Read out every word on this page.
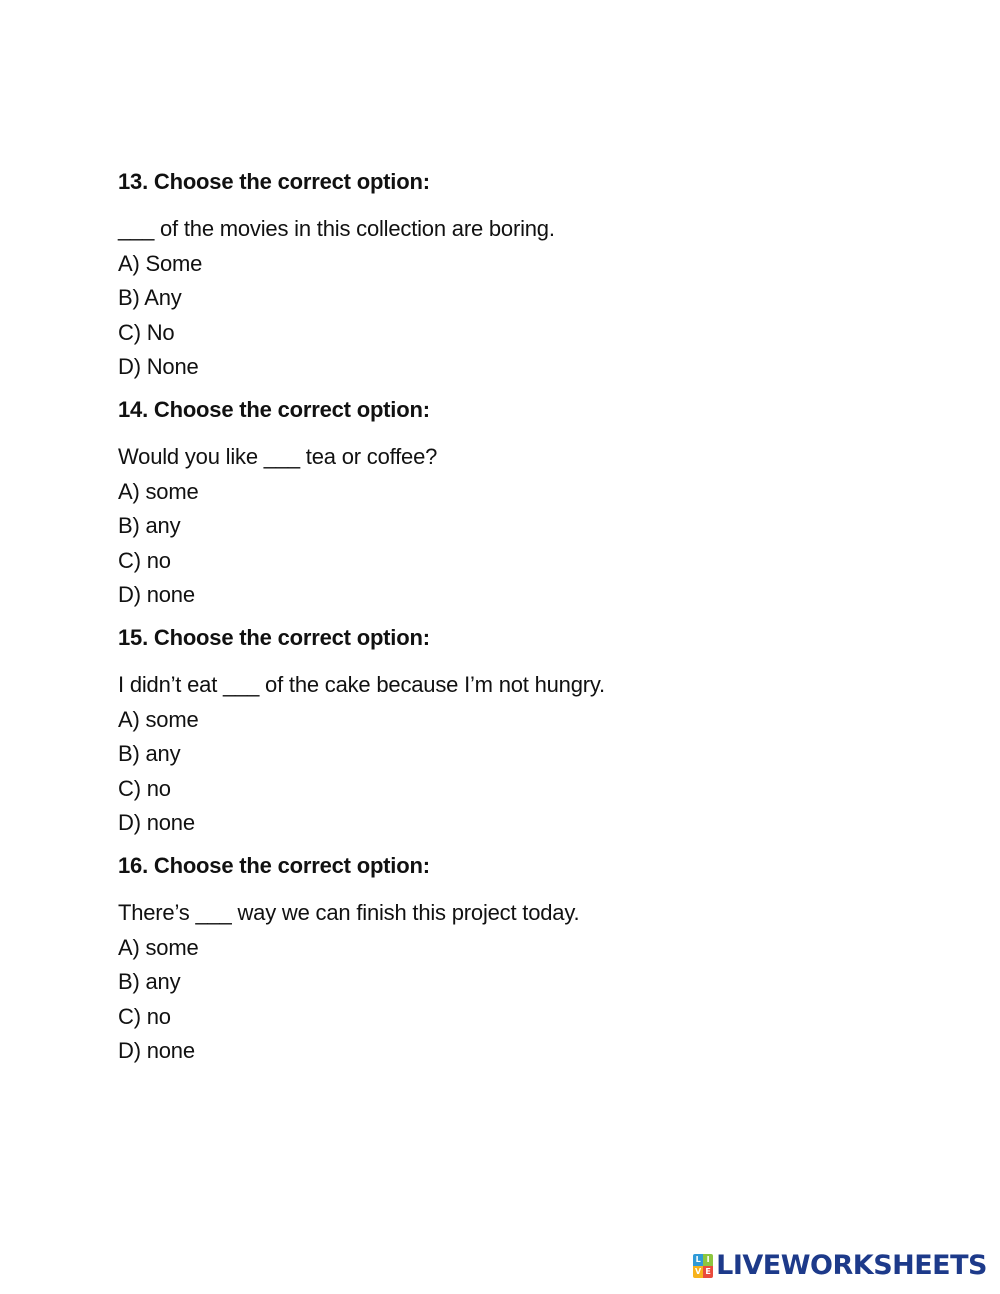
13. Choose the correct option:

___ of the movies in this collection are boring.

A) Some
B) Any
C) No
D) None

14. Choose the correct option:

Would you like ___ tea or coffee?

A) some
B) any
C) no
D) none

15. Choose the correct option:

I didn’t eat ___ of the cake because I’m not hungry.

A) some
B) any
C) no
D) none

16. Choose the correct option:

There’s ___ way we can finish this project today.

A) some
B) any
C) no
D) none
L I
V E LIVEWORKSHEETS
